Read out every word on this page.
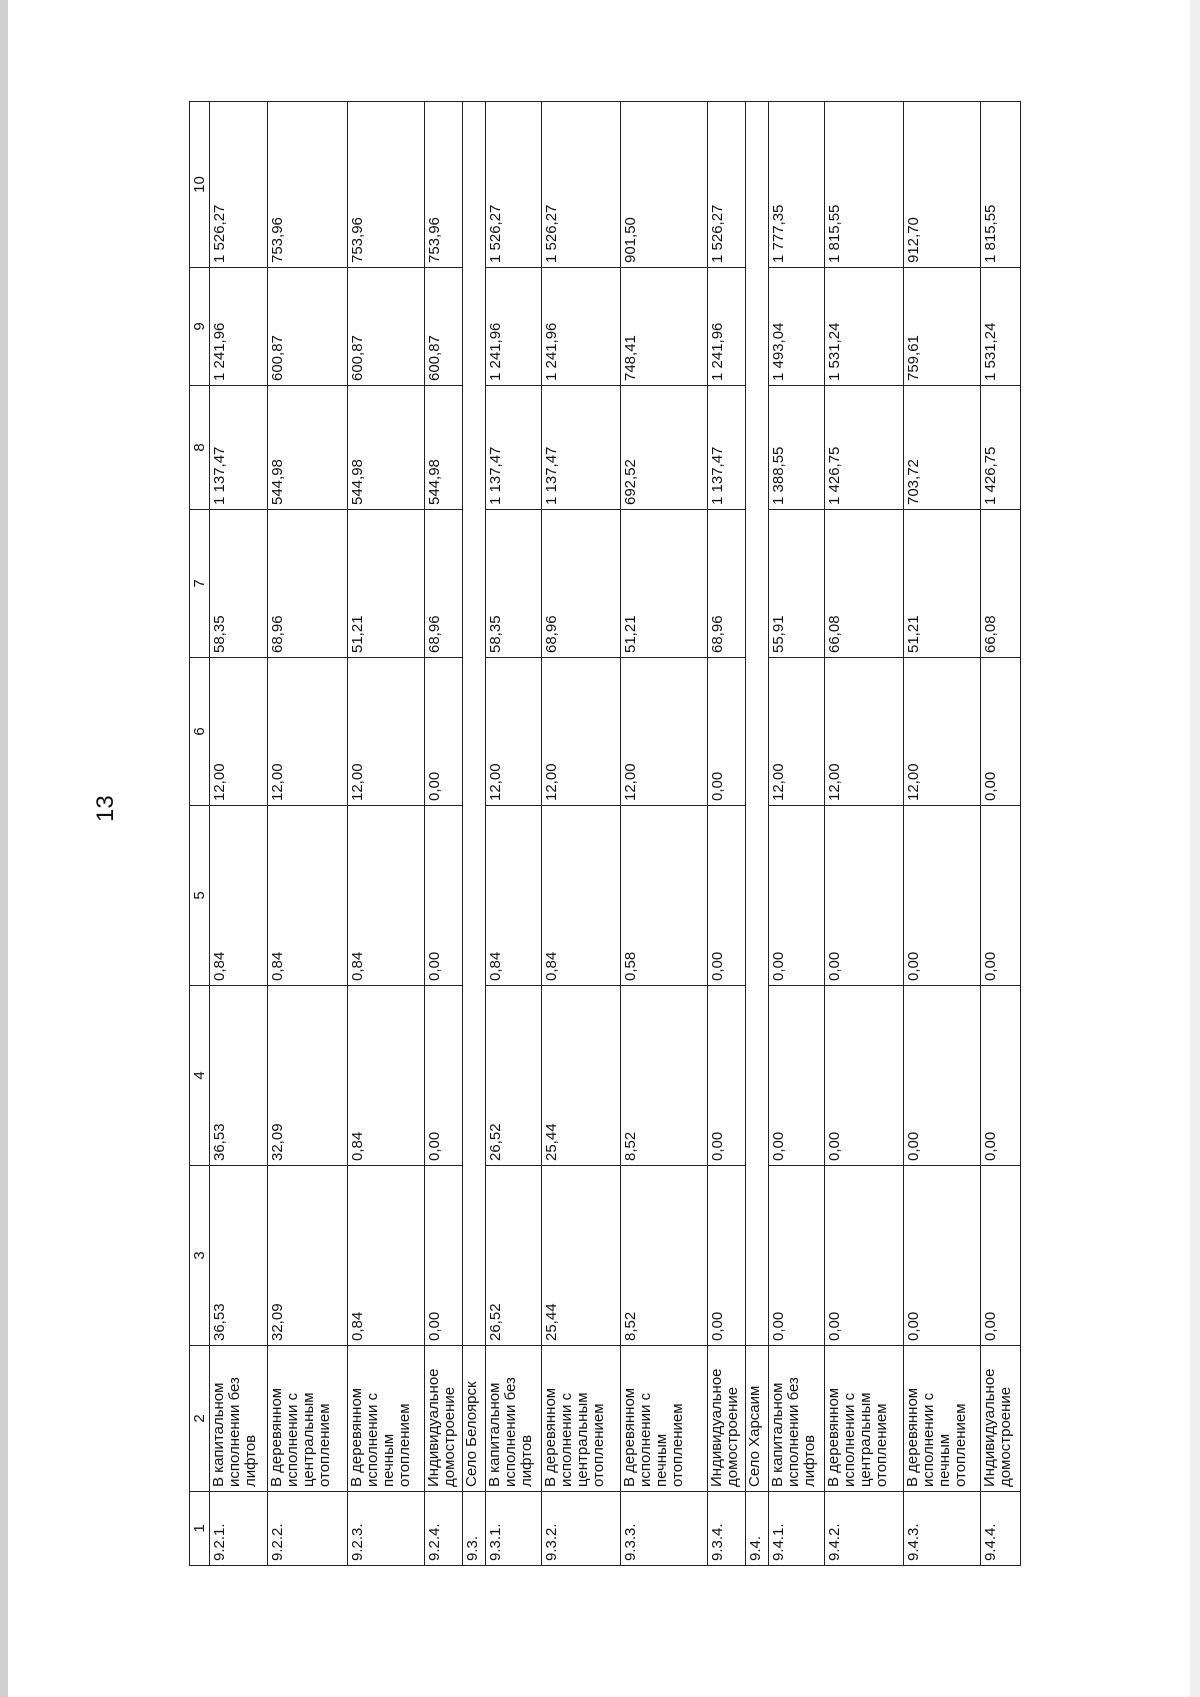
13
1	2	3	4	5	6	7	8	9	10
9.2.1.	В капитальном исполнении без лифтов	36,53	36,53	0,84	12,00	58,35	1 137,47	1 241,96	1 526,27
9.2.2.	В деревянном исполнении с центральным отоплением	32,09	32,09	0,84	12,00	68,96	544,98	600,87	753,96
9.2.3.	В деревянном исполнении с печным отоплением	0,84	0,84	0,84	12,00	51,21	544,98	600,87	753,96
9.2.4.	Индивидуальное домостроение	0,00	0,00	0,00	0,00	68,96	544,98	600,87	753,96
9.3.	Село Белоярск								
9.3.1.	В капитальном исполнении без лифтов	26,52	26,52	0,84	12,00	58,35	1 137,47	1 241,96	1 526,27
9.3.2.	В деревянном исполнении с центральным отоплением	25,44	25,44	0,84	12,00	68,96	1 137,47	1 241,96	1 526,27
9.3.3.	В деревянном исполнении с печным отоплением	8,52	8,52	0,58	12,00	51,21	692,52	748,41	901,50
9.3.4.	Индивидуальное домостроение	0,00	0,00	0,00	0,00	68,96	1 137,47	1 241,96	1 526,27
9.4.	Село Харсаим								
9.4.1.	В капитальном исполнении без лифтов	0,00	0,00	0,00	12,00	55,91	1 388,55	1 493,04	1 777,35
9.4.2.	В деревянном исполнении с центральным отоплением	0,00	0,00	0,00	12,00	66,08	1 426,75	1 531,24	1 815,55
9.4.3.	В деревянном исполнении с печным отоплением	0,00	0,00	0,00	12,00	51,21	703,72	759,61	912,70
9.4.4.	Индивидуальное домостроение	0,00	0,00	0,00	0,00	66,08	1 426,75	1 531,24	1 815,55
